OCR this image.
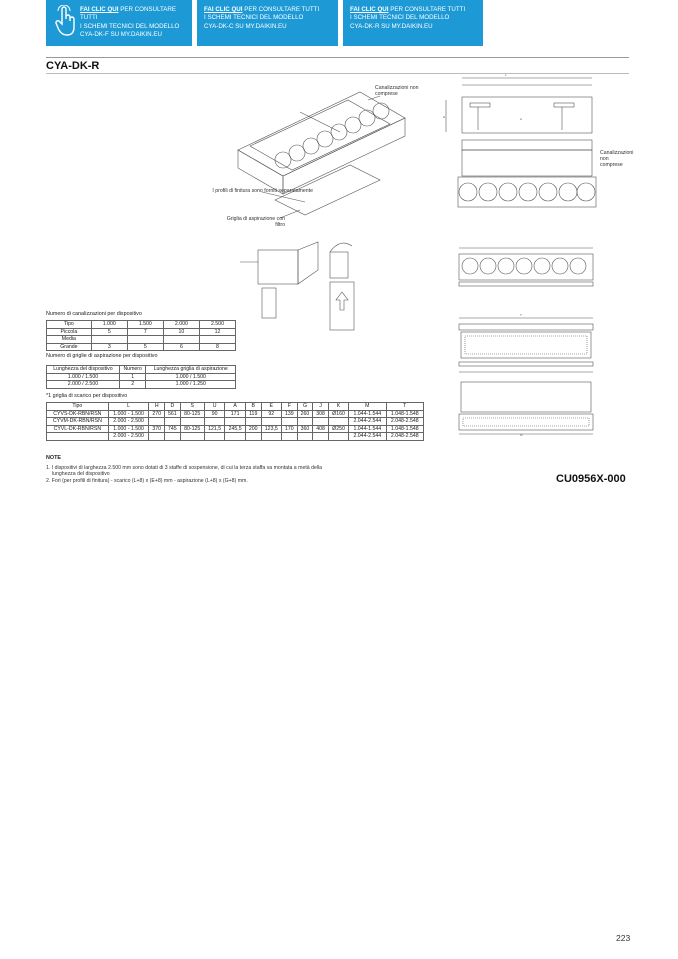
FAI CLIC QUI PER CONSULTARE TUTTI
I SCHEMI TECNICI DEL MODELLO
CYA-DK-F SU MY.DAIKIN.EU
FAI CLIC QUI PER CONSULTARE TUTTI
I SCHEMI TECNICI DEL MODELLO
CYA-DK-C SU MY.DAIKIN.EU
FAI CLIC QUI PER CONSULTARE TUTTI
I SCHEMI TECNICI DEL MODELLO
CYA-DK-R SU MY.DAIKIN.EU
CYA-DK-R
L
A
H
T
M
Canalizzazioni non comprese
Canalizzazioni non comprese
I profili di finitura sono forniti separatamente
Griglia di aspirazione con filtro
Numero di canalizzazioni per dispositivo
Tipo	1.000	1.500	2.000	2.500
Piccola	5	7	10	12
Media				
Grande	3	5	6	8
Numero di griglie di aspirazione per dispositivo
Lunghezza del dispositivo	Numero	Lunghezza griglia di aspirazione
1.000 / 1.500	1	1.000 / 1.500
2.000 / 2.500	2	1.000 / 1.250
*1 griglia di scarico per dispositivo
Tipo	L	H	D	S	U	A	B	E	F	G	J	K	M	T
CYVS-DK-RBN/RSN	1.000 - 1.500	270	561	80-125	90	171	119	92	139	260	308	Ø160	1.044-1.544	1.048-1.548
CYVM-DK-RBN/RSN	2.000 - 2.500												2.044-2.544	2.048-2.548
CYVL-DK-RBN/RSN	1.000 - 1.500	370	745	80-125	121,5	245,5	200	123,5	170	360	408	Ø250	1.044-1.544	1.048-1.548
	2.000 - 2.500												2.044-2.544	2.048-2.548
NOTE
1. I dispositivi di larghezza 2.500 mm sono dotati di 3 staffe di sospensione, di cui la terza staffa va montata a metà della
lunghezza del dispositivo
2. Fori (per profili di finitura) - scarico (L+8) x (E+8) mm - aspirazione (L+8) x (G+8) mm.	CU0956X-000
223
